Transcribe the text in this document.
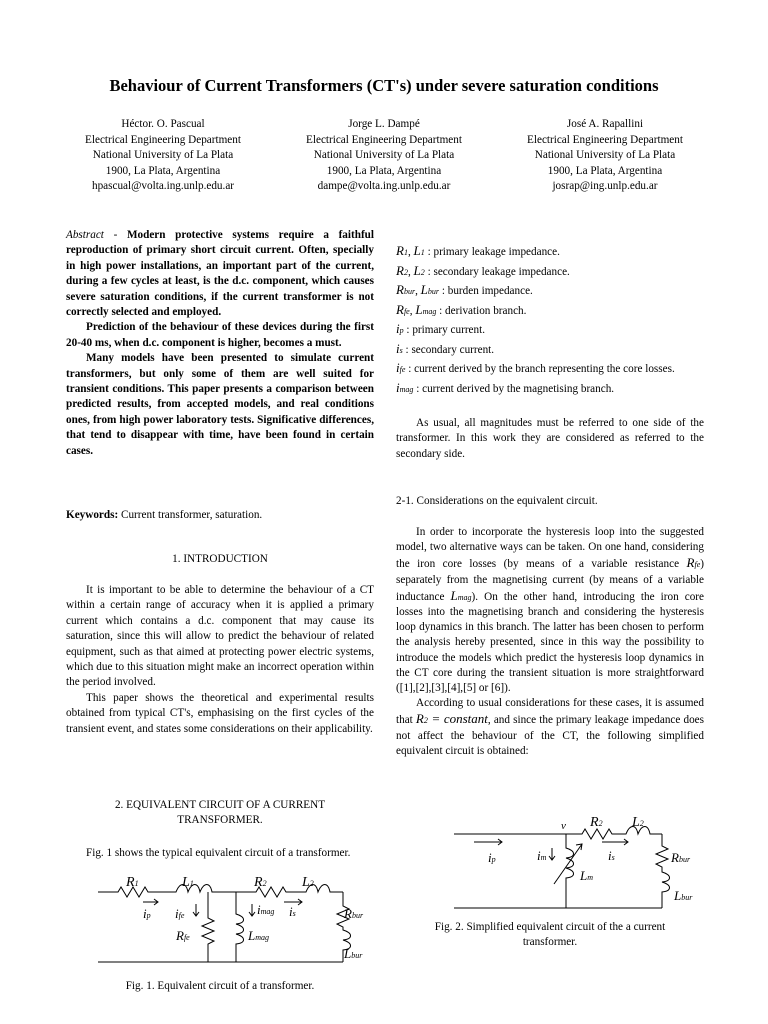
Behaviour of Current Transformers (CT's) under severe saturation conditions
Héctor. O. Pascual
Electrical Engineering Department
National University of La Plata
1900, La Plata, Argentina
hpascual@volta.ing.unlp.edu.ar
Jorge L. Dampé
Electrical Engineering Department
National University of La Plata
1900, La Plata, Argentina
dampe@volta.ing.unlp.edu.ar
José A. Rapallini
Electrical Engineering Department
National University of La Plata
1900, La Plata, Argentina
josrap@ing.unlp.edu.ar

Abstract - Modern protective systems require a faithful reproduction of primary short circuit current. Often, specially in high power installations, an important part of the current, during a few cycles at least, is the d.c. component, which causes severe saturation conditions, if the current transformer is not correctly selected and employed.

Prediction of the behaviour of these devices during the first 20-40 ms, when d.c. component is higher, becomes a must.

Many models have been presented to simulate current transformers, but only some of them are well suited for transient conditions. This paper presents a comparison between predicted results, from accepted models, and real conditions ones, from high power laboratory tests. Significative differences, that tend to disappear with time, have been found in certain cases.

Keywords: Current transformer, saturation.
1. INTRODUCTION

It is important to be able to determine the behaviour of a CT within a certain range of accuracy when it is applied a primary current which contains a d.c. component that may cause its saturation, since this will allow to predict the behaviour of related equipment, such as that aimed at protecting power electric systems, which due to this situation might make an incorrect operation within the period involved.

This paper shows the theoretical and experimental results obtained from typical CT's, emphasising on the first cycles of the transient event, and states some considerations on their applicability.

2. EQUIVALENT CIRCUIT OF A CURRENT
TRANSFORMER.

Fig. 1 shows the typical equivalent circuit of a transformer.

R1	L1	R2	L2
ip ife
Rfe
imag
Lmag
is	Rbur
Lbur
Fig. 1. Equivalent circuit of a transformer.
R1, L1 : primary leakage impedance.
R2, L2 : secondary leakage impedance.
Rbur, Lbur : burden impedance.
Rfe, Lmag : derivation branch.
ip : primary current.
is : secondary current.
ife : current derived by the branch representing the core losses.
imag : current derived by the magnetising branch.
As usual, all magnitudes must be referred to one side of the transformer. In this work they are considered as referred to the secondary side.
2-1. Considerations on the equivalent circuit.

In order to incorporate the hysteresis loop into the suggested model, two alternative ways can be taken. On one hand, considering the iron core losses (by means of a variable resistance Rfe) separately from the magnetising current (by means of a variable inductance Lmag). On the other hand, introducing the iron core losses into the magnetising branch and considering the hysteresis loop dynamics in this branch. The latter has been chosen to perform the analysis hereby presented, since in this way the possibility to introduce the models which predict the hysteresis loop dynamics in the CT core during the transient situation is more straightforward ([1],[2],[3],[4],[5] or [6]).

According to usual considerations for these cases, it is assumed that R2 = constant, and since the primary leakage impedance does not affect the behaviour of the CT, the following simplified equivalent circuit is obtained:

v R2 L2
ip	im
Lm
is	Rbur
Lbur
Fig. 2. Simplified equivalent circuit of the a current
transformer.
